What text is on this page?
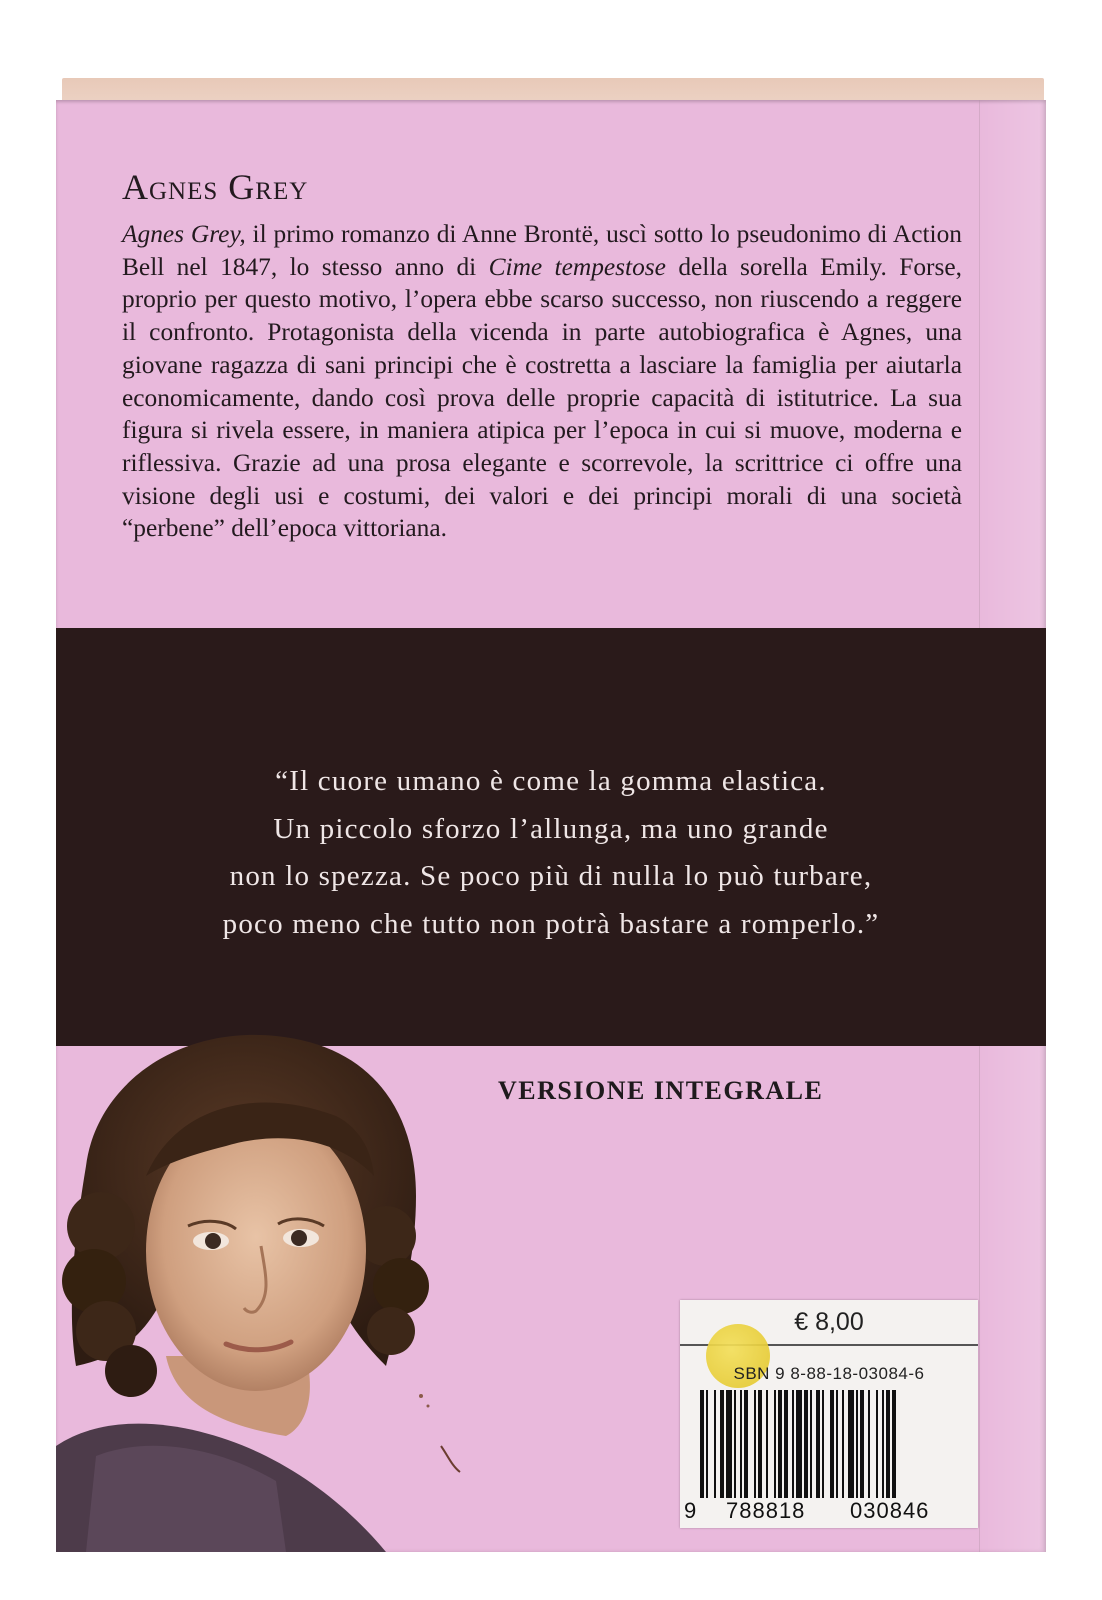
Agnes Grey

Agnes Grey, il primo romanzo di Anne Brontë, uscì sotto lo pseudonimo di Action Bell nel 1847, lo stesso anno di Cime tempestose della sorella Emily. Forse, proprio per questo motivo, l’opera ebbe scarso successo, non riuscendo a reggere il confronto. Protagonista della vicenda in parte autobiografica è Agnes, una giovane ragazza di sani principi che è costretta a lasciare la famiglia per aiutarla economicamente, dando così prova delle proprie capacità di istitutrice. La sua figura si rivela essere, in maniera atipica per l’epoca in cui si muove, moderna e riflessiva. Grazie ad una prosa elegante e scorrevole, la scrittrice ci offre una visione degli usi e costumi, dei valori e dei principi morali di una società “perbene” dell’epoca vittoriana.

“Il cuore umano è come la gomma elastica.
Un piccolo sforzo l’allunga, ma uno grande
non lo spezza. Se poco più di nulla lo può turbare,
poco meno che tutto non potrà bastare a romperlo.”

VERSIONE INTEGRALE
€ 8,00
SBN 9 8-88-18-03084-6
9 788818 030846
